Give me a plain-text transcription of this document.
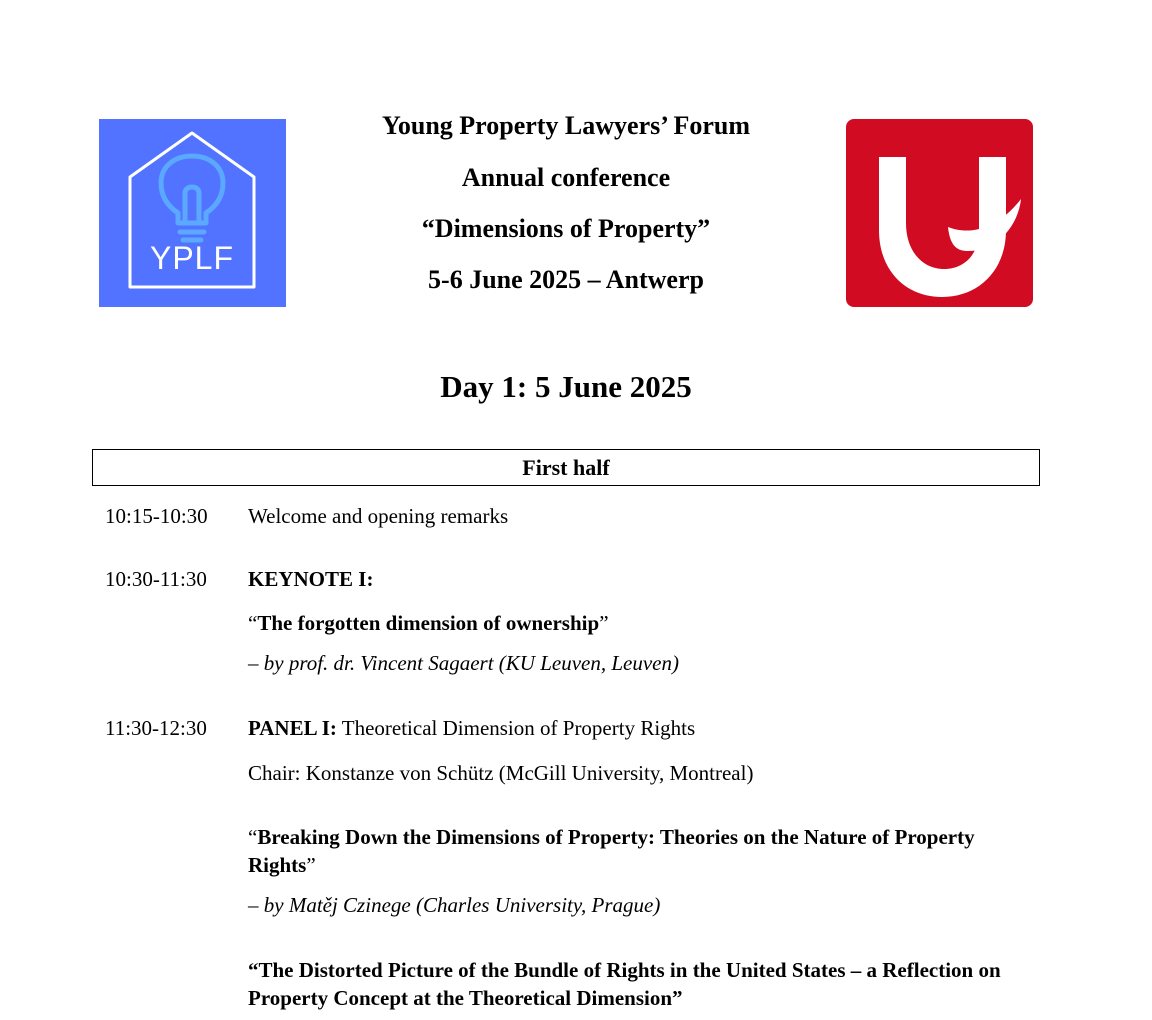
YPLF
Young Property Lawyers’ Forum
Annual conference
“Dimensions of Property”
5-6 June 2025 – Antwerp
Day 1: 5 June 2025
First half
10:15-10:30 Welcome and opening remarks
10:30-11:30 KEYNOTE I:
“The forgotten dimension of ownership”
– by prof. dr. Vincent Sagaert (KU Leuven, Leuven)
11:30-12:30 PANEL I: Theoretical Dimension of Property Rights
Chair: Konstanze von Schütz (McGill University, Montreal)
“Breaking Down the Dimensions of Property: Theories on the Nature of Property Rights”
– by Matěj Czinege (Charles University, Prague)
“The Distorted Picture of the Bundle of Rights in the United States – a Reflection on Property Concept at the Theoretical Dimension”
